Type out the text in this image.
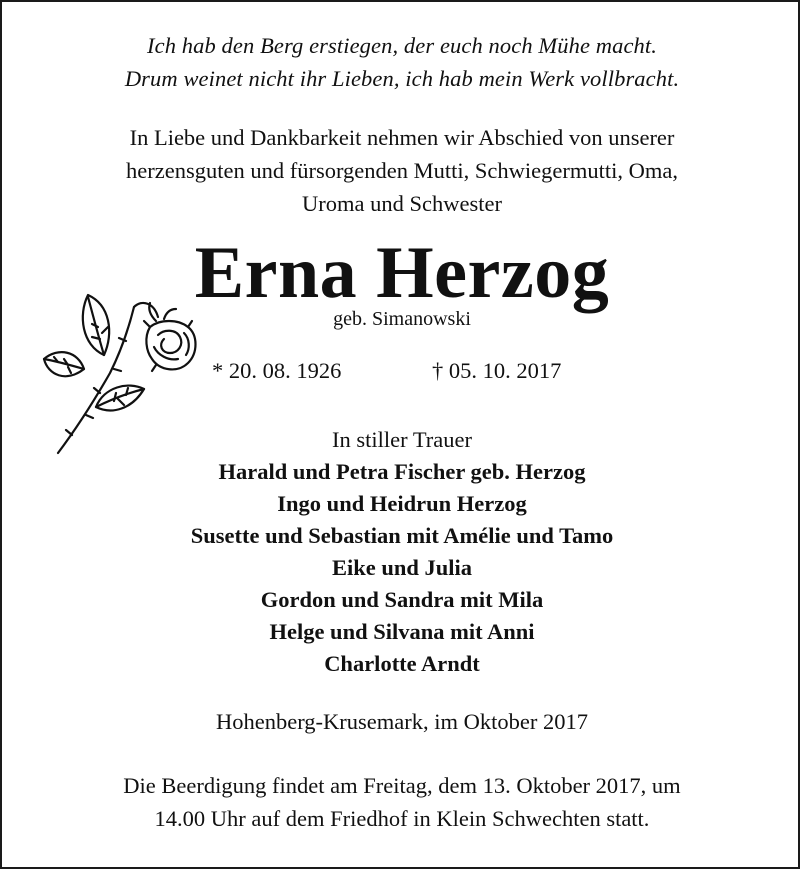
Ich hab den Berg erstiegen, der euch noch Mühe macht.
Drum weinet nicht ihr Lieben, ich hab mein Werk vollbracht.
In Liebe und Dankbarkeit nehmen wir Abschied von unserer
herzensguten und fürsorgenden Mutti, Schwiegermutti, Oma,
Uroma und Schwester
Erna Herzog
geb. Simanowski
* 20. 08. 1926	† 05. 10. 2017
In stiller Trauer
Harald und Petra Fischer geb. Herzog
Ingo und Heidrun Herzog
Susette und Sebastian mit Amélie und Tamo
Eike und Julia
Gordon und Sandra mit Mila
Helge und Silvana mit Anni
Charlotte Arndt
Hohenberg-Krusemark, im Oktober 2017
Die Beerdigung findet am Freitag, dem 13. Oktober 2017, um
14.00 Uhr auf dem Friedhof in Klein Schwechten statt.
